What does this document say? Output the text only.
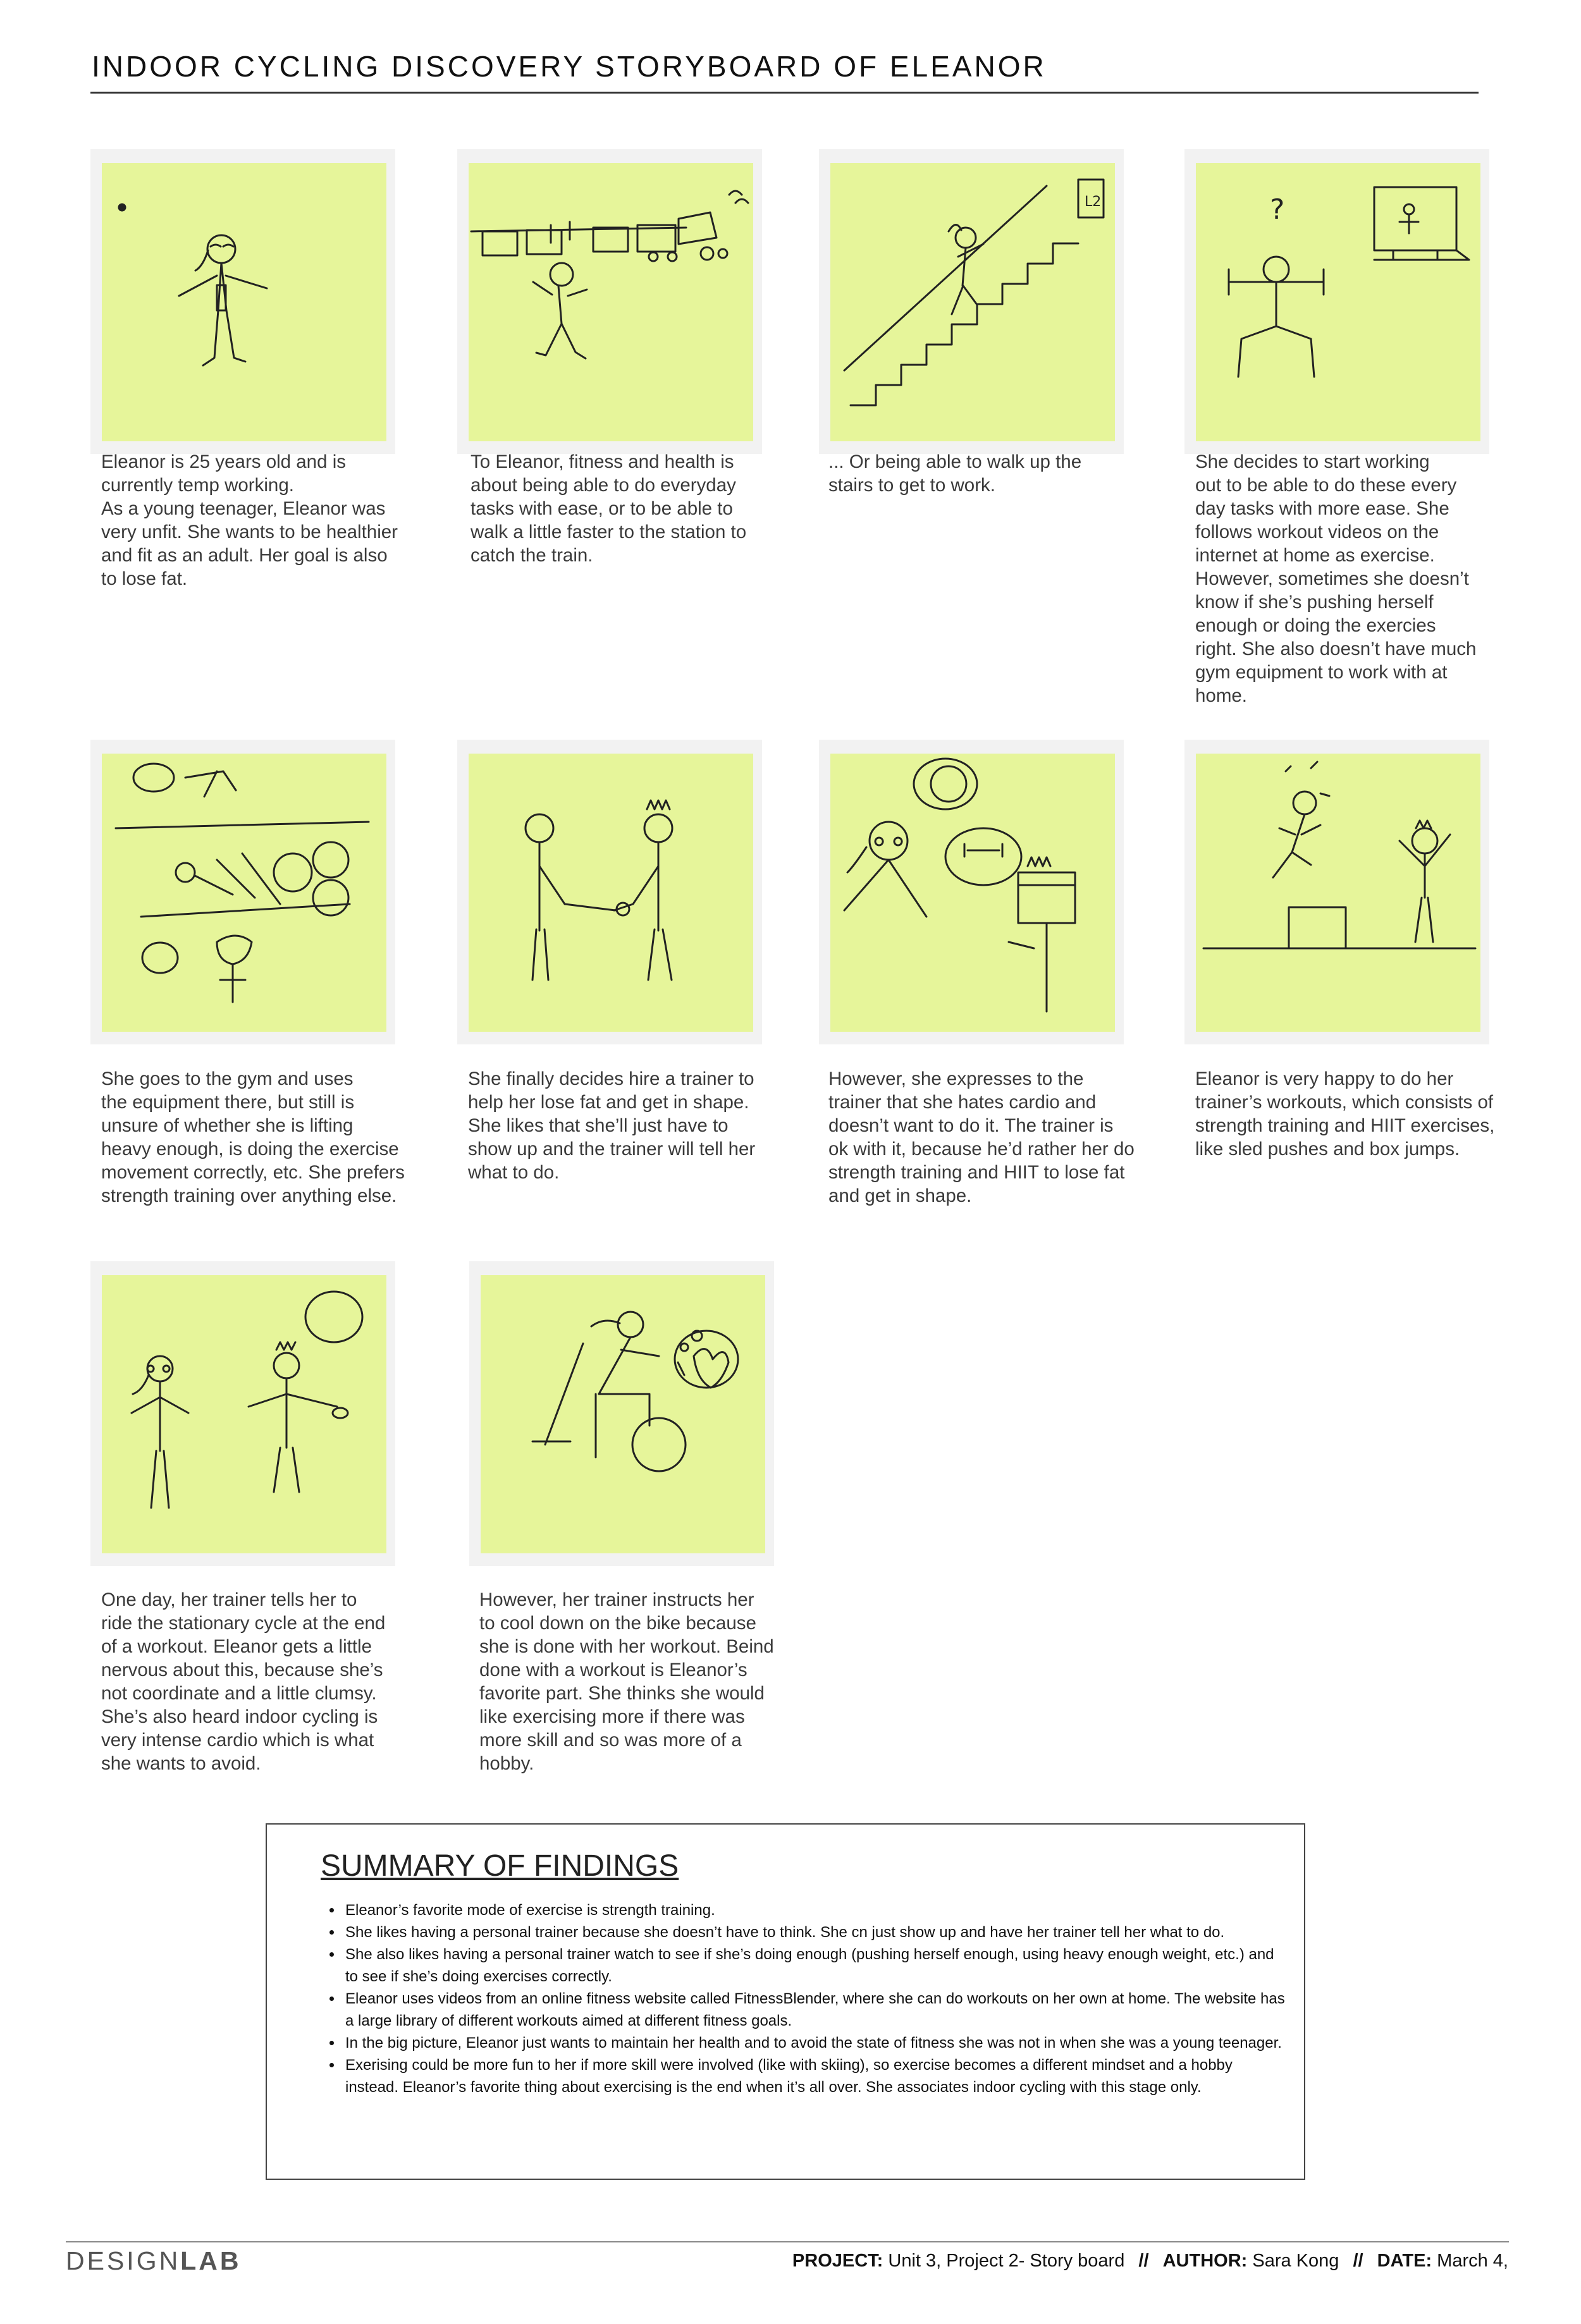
INDOOR CYCLING DISCOVERY STORYBOARD OF ELEANOR

Eleanor is 25 years old and is
currently temp working.
As a young teenager, Eleanor was
very unfit. She wants to be healthier
and fit as an adult. Her goal is also
to lose fat.

To Eleanor, fitness and health is
about being able to do everyday
tasks with ease, or to be able to
walk a little faster to the station to
catch the train.

L2

... Or being able to walk up the
stairs to get to work.

?

She decides to start working
out to be able to do these every
day tasks with more ease. She
follows workout videos on the
internet at home as exercise.
However, sometimes she doesn’t
know if she’s pushing herself
enough or doing the exercies
right. She also doesn’t have much
gym equipment to work with at
home.

She goes to the gym and uses
the equipment there, but still is
unsure of whether she is lifting
heavy enough, is doing the exercise
movement correctly, etc. She prefers
strength training over anything else.

She finally decides hire a trainer to
help her lose fat and get in shape.
She likes that she’ll just have to
show up and the trainer will tell her
what to do.

However, she expresses to the
trainer that she hates cardio and
doesn’t want to do it. The trainer is
ok with it, because he’d rather her do
strength training and HIIT to lose fat
and get in shape.

Eleanor is very happy to do her
trainer’s workouts, which consists of
strength training and HIIT exercises,
like sled pushes and box jumps.

One day, her trainer tells her to
ride the stationary cycle at the end
of a workout. Eleanor gets a little
nervous about this, because she’s
not coordinate and a little clumsy.
She’s also heard indoor cycling is
very intense cardio which is what
she wants to avoid.

However, her trainer instructs her
to cool down on the bike because
she is done with her workout. Beind
done with a workout is Eleanor’s
favorite part. She thinks she would
like exercising more if there was
more skill and so was more of a
hobby.

SUMMARY OF FINDINGS
• Eleanor’s favorite mode of exercise is strength training.
• She likes having a personal trainer because she doesn’t have to think. She cn just show up and have her trainer tell her what to do.
• She also likes having a personal trainer watch to see if she’s doing enough (pushing herself enough, using heavy enough weight, etc.) and to see if she’s doing exercises correctly.
• Eleanor uses videos from an online fitness website called FitnessBlender, where she can do workouts on her own at home. The website has a large library of different workouts aimed at different fitness goals.
• In the big picture, Eleanor just wants to maintain her health and to avoid the state of fitness she was not in when she was a young teenager.
• Exerising could be more fun to her if more skill were involved (like with skiing), so exercise becomes a different mindset and a hobby instead. Eleanor’s favorite thing about exercising is the end when it’s all over. She associates indoor cycling with this stage only.
DESIGNLAB	PROJECT: Unit 3, Project 2- Story board // AUTHOR: Sara Kong // DATE: March 4,
